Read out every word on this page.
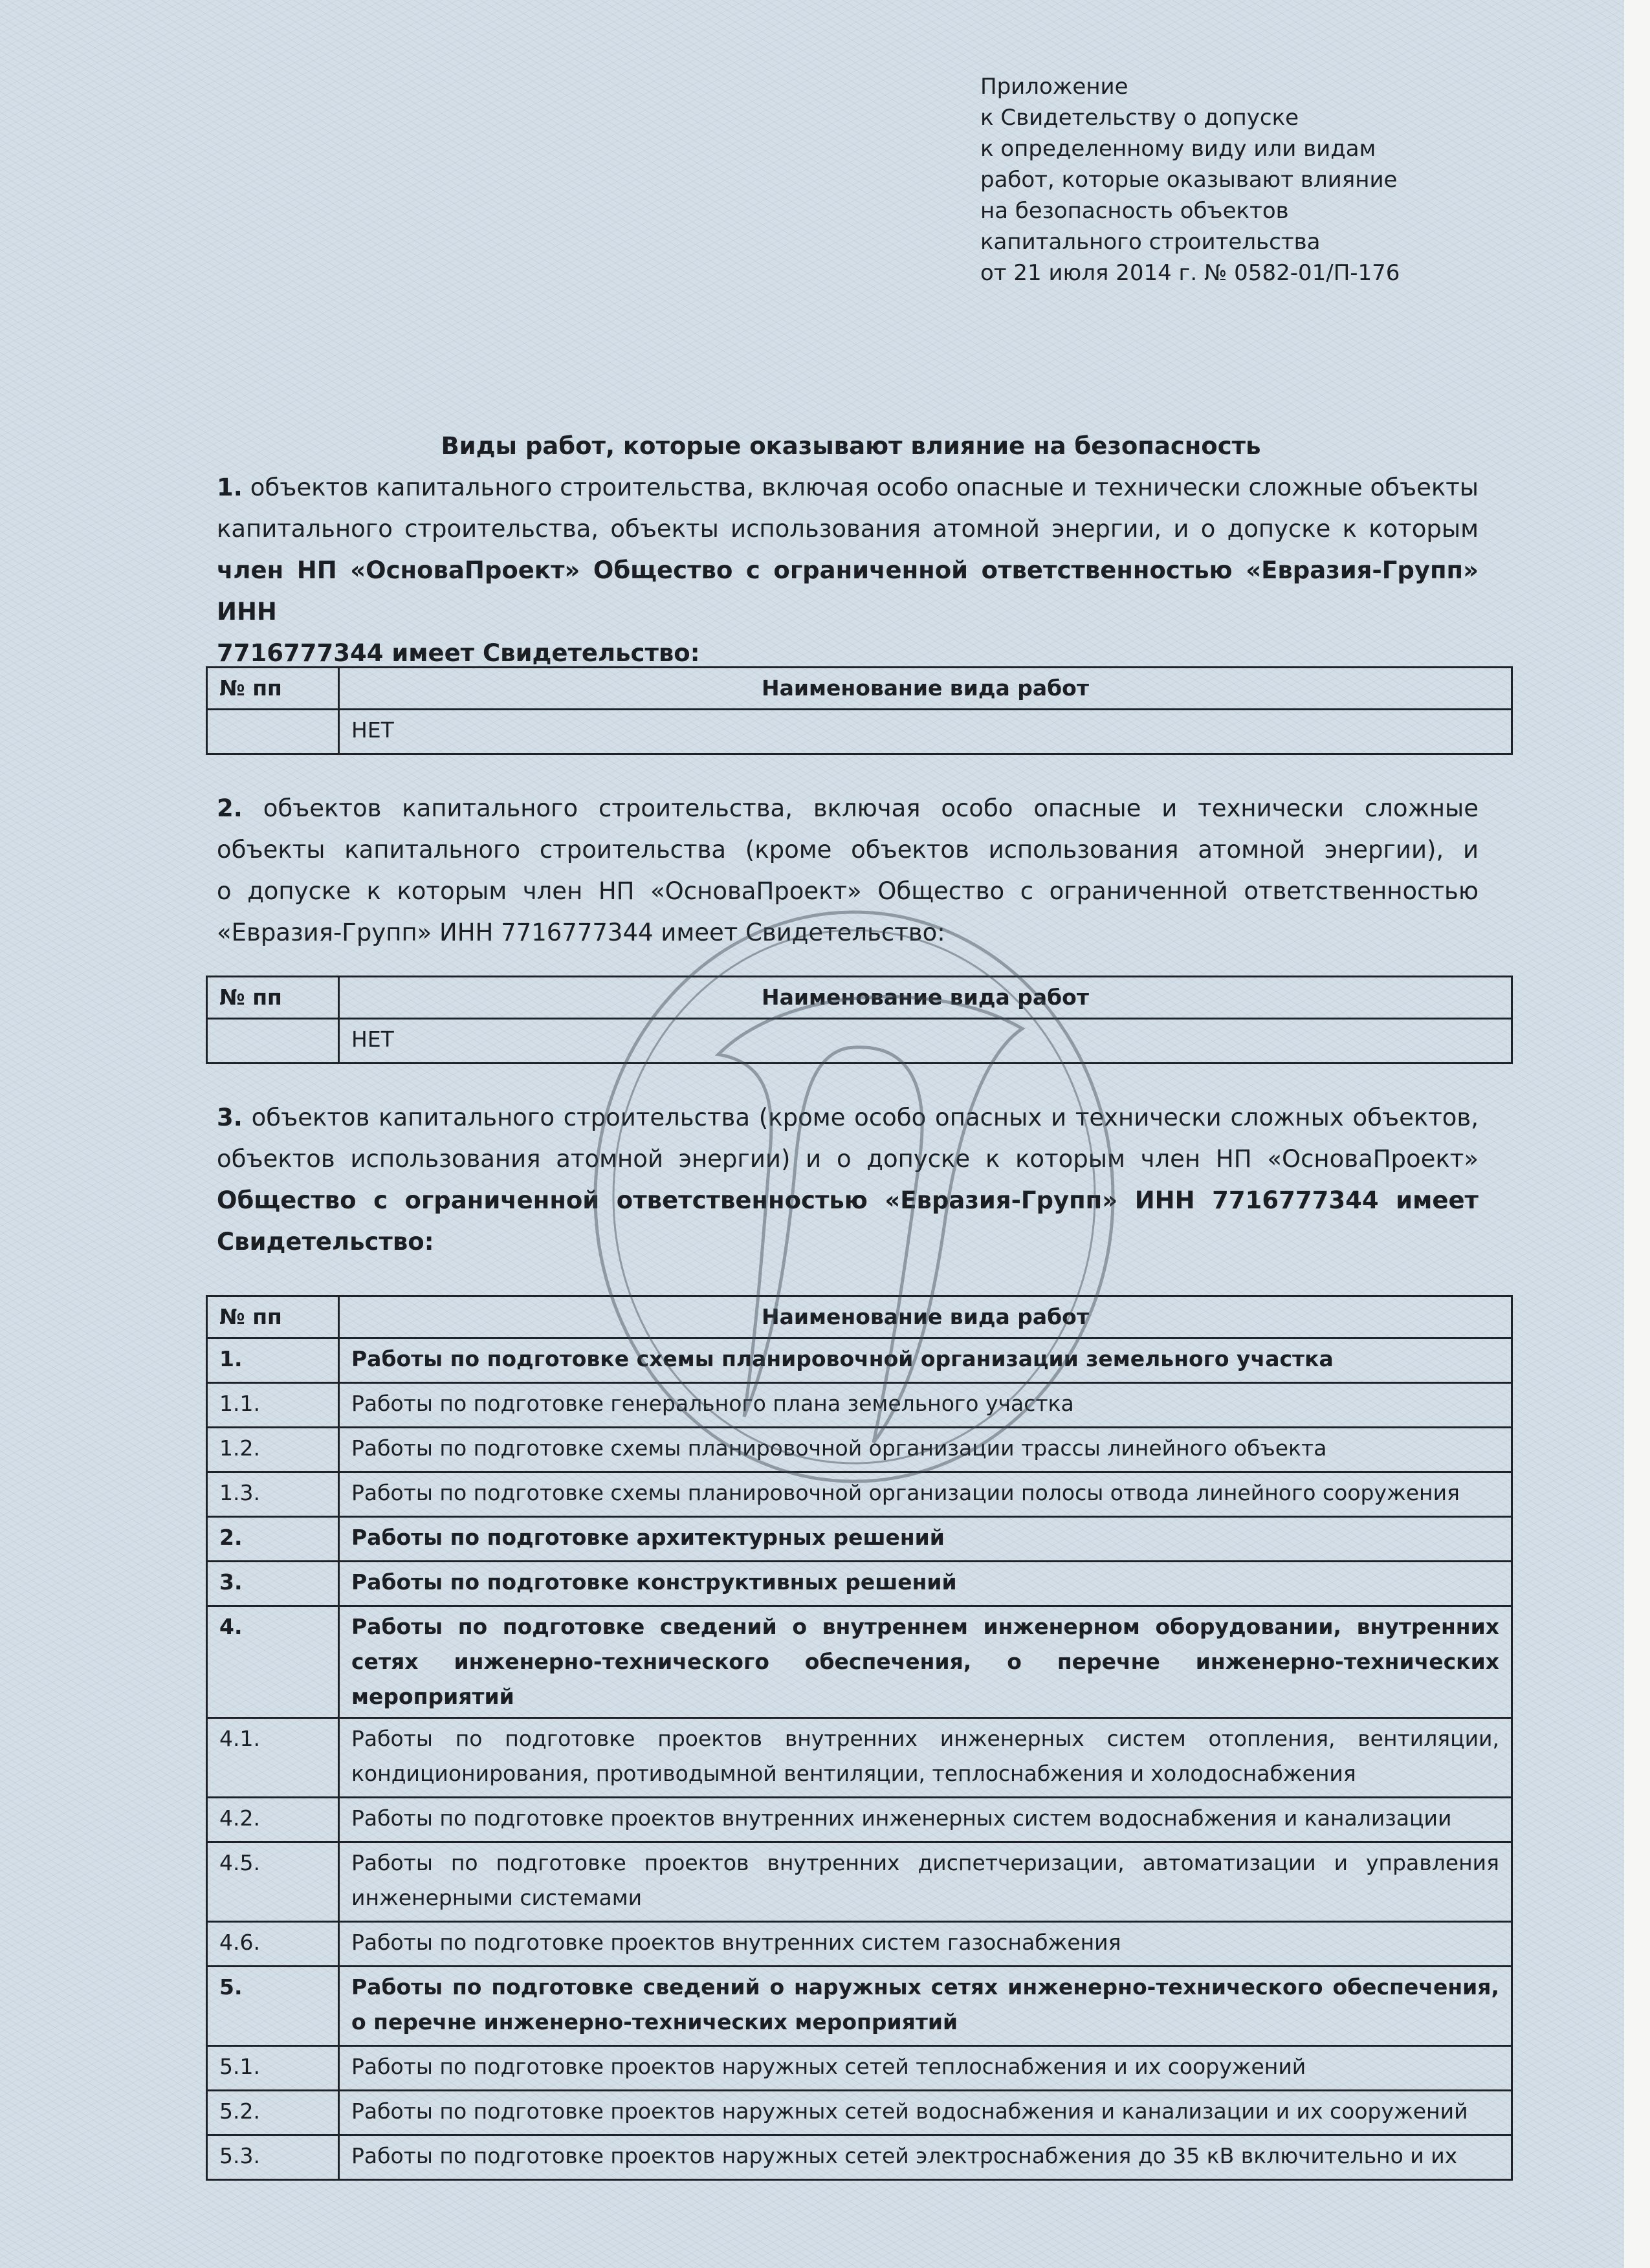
Приложение
к Свидетельству о допуске
к определенному виду или видам
работ, которые оказывают влияние
на безопасность объектов
капитального строительства
от 21 июля 2014 г. № 0582-01/П-176
Виды работ, которые оказывают влияние на безопасность
1. объектов капитального строительства, включая особо опасные и технически сложные объекты
капитального строительства, объекты использования атомной энергии, и о допуске к которым
член НП «ОсноваПроект» Общество с ограниченной ответственностью «Евразия-Групп» ИНН
7716777344 имеет Свидетельство:
№ пп	Наименование вида работ
	НЕТ
2. объектов капитального строительства, включая особо опасные и технически сложные
объекты капитального строительства (кроме объектов использования атомной энергии), и
о допуске к которым член НП «ОсноваПроект» Общество с ограниченной ответственностью
«Евразия-Групп» ИНН 7716777344 имеет Свидетельство:
№ пп	Наименование вида работ
	НЕТ
3. объектов капитального строительства (кроме особо опасных и технически сложных объектов,
объектов использования атомной энергии) и о допуске к которым член НП «ОсноваПроект»
Общество с ограниченной ответственностью «Евразия-Групп» ИНН 7716777344 имеет
Свидетельство:
№ пп	Наименование вида работ
1.	Работы по подготовке схемы планировочной организации земельного участка
1.1.	Работы по подготовке генерального плана земельного участка
1.2.	Работы по подготовке схемы планировочной организации трассы линейного объекта
1.3.	Работы по подготовке схемы планировочной организации полосы отвода линейного сооружения
2.	Работы по подготовке архитектурных решений
3.	Работы по подготовке конструктивных решений
4.	Работы по подготовке сведений о внутреннем инженерном оборудовании, внутренних сетях инженерно-технического обеспечения, о перечне инженерно-технических мероприятий
4.1.	Работы по подготовке проектов внутренних инженерных систем отопления, вентиляции, кондиционирования, противодымной вентиляции, теплоснабжения и холодоснабжения
4.2.	Работы по подготовке проектов внутренних инженерных систем водоснабжения и канализации
4.5.	Работы по подготовке проектов внутренних диспетчеризации, автоматизации и управления инженерными системами
4.6.	Работы по подготовке проектов внутренних систем газоснабжения
5.	Работы по подготовке сведений о наружных сетях инженерно-технического обеспечения, о перечне инженерно-технических мероприятий
5.1.	Работы по подготовке проектов наружных сетей теплоснабжения и их сооружений
5.2.	Работы по подготовке проектов наружных сетей водоснабжения и канализации и их сооружений
5.3.	Работы по подготовке проектов наружных сетей электроснабжения до 35 кВ включительно и их
